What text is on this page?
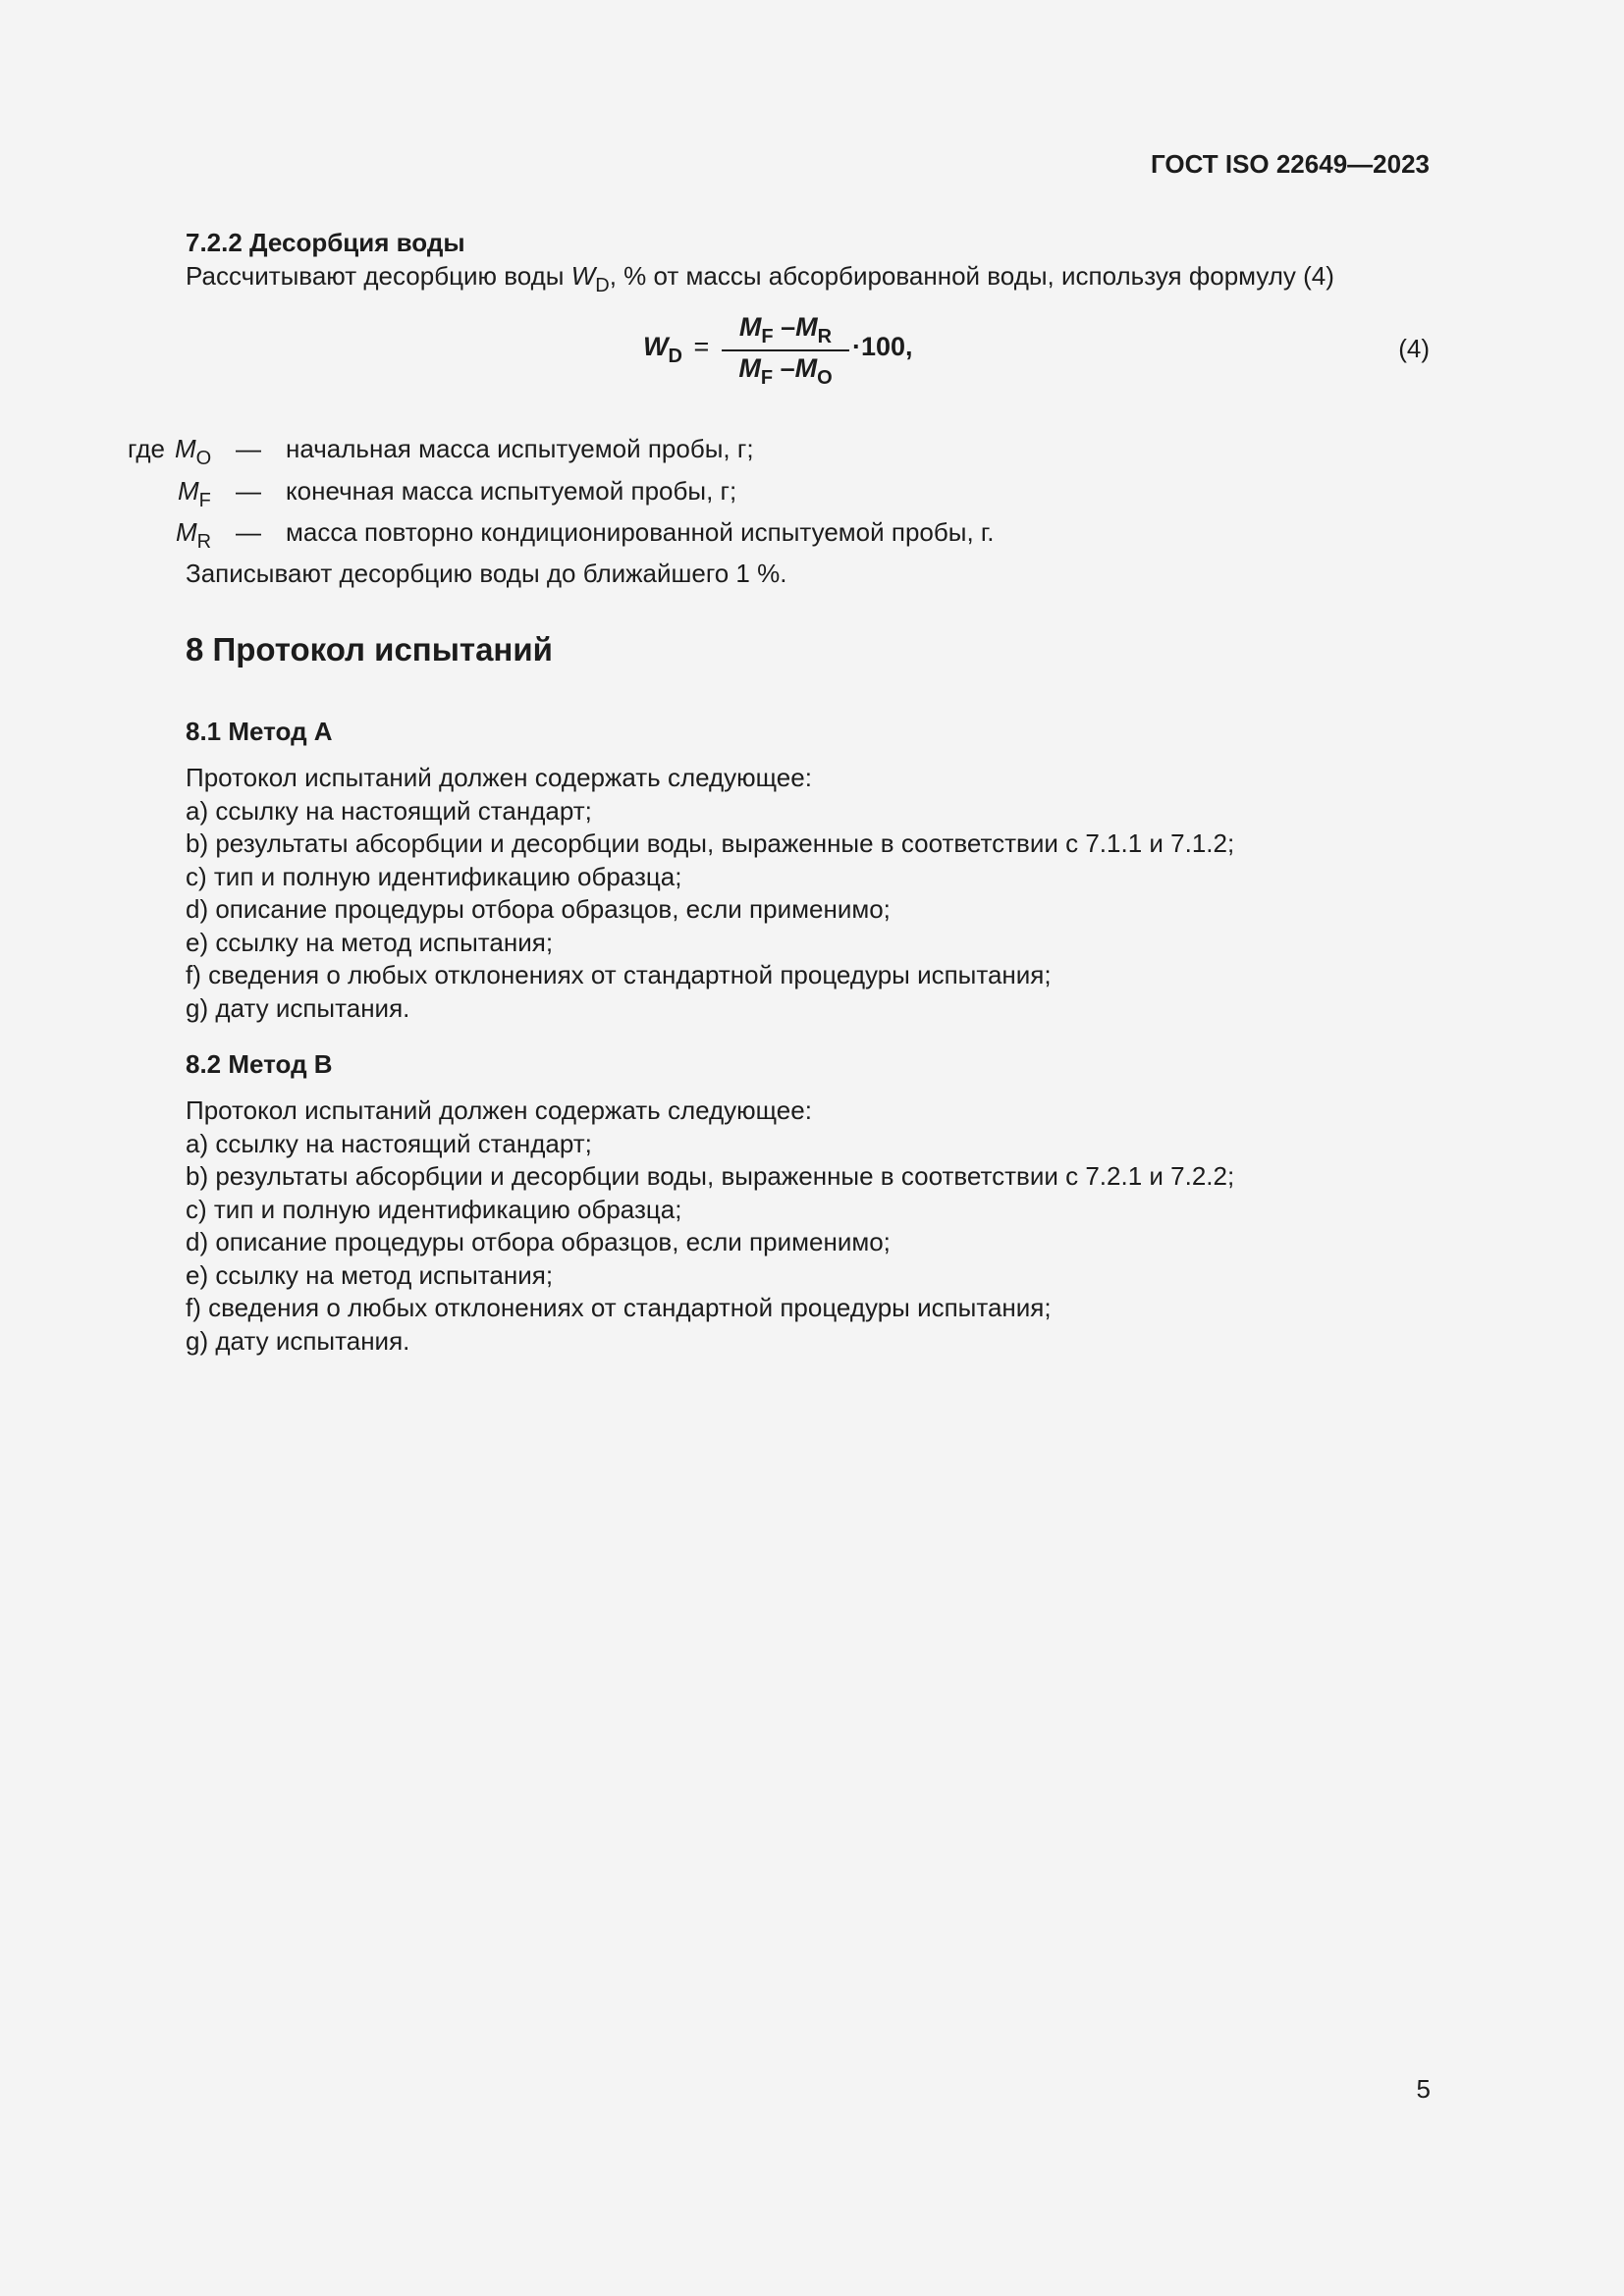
ГОСТ ISO 22649—2023
7.2.2 Десорбция воды
Рассчитывают десорбцию воды $W_D$, % от массы абсорбированной воды, используя формулу (4)
$W_D$ =
$M_F$ $-M_R$
$M_F$ $-M_O$
·100,	(4)
где $M_O$ — начальная масса испытуемой пробы, г;
$M_F$ — конечная масса испытуемой пробы, г;
$M_R$ — масса повторно кондиционированной испытуемой пробы, г.
Записывают десорбцию воды до ближайшего 1 %.
8 Протокол испытаний
8.1 Метод A
Протокол испытаний должен содержать следующее:
a) ссылку на настоящий стандарт;
b) результаты абсорбции и десорбции воды, выраженные в соответствии с 7.1.1 и 7.1.2;
c) тип и полную идентификацию образца;
d) описание процедуры отбора образцов, если применимо;
e) ссылку на метод испытания;
f) сведения о любых отклонениях от стандартной процедуры испытания;
g) дату испытания.
8.2 Метод B
Протокол испытаний должен содержать следующее:
a) ссылку на настоящий стандарт;
b) результаты абсорбции и десорбции воды, выраженные в соответствии с 7.2.1 и 7.2.2;
c) тип и полную идентификацию образца;
d) описание процедуры отбора образцов, если применимо;
e) ссылку на метод испытания;
f) сведения о любых отклонениях от стандартной процедуры испытания;
g) дату испытания.
5
